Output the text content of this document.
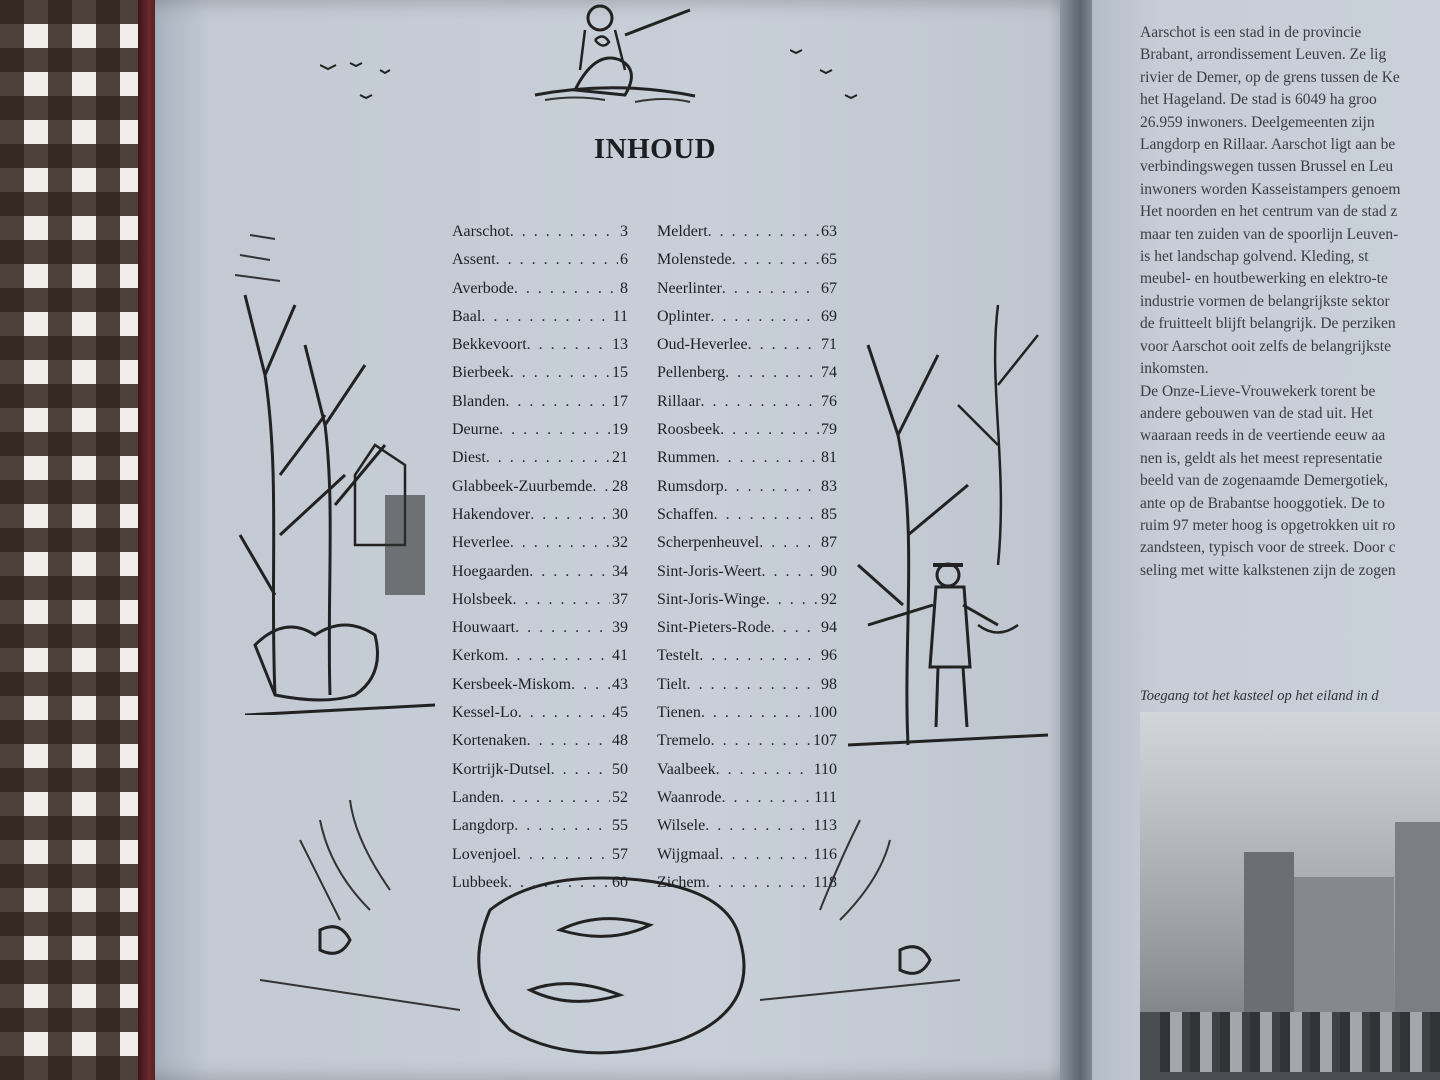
INHOUD
Aarschot . . .	3
Assent . . .	6
Averbode . . .	8
Baal . . .	11
Bekkevoort . . .	13
Bierbeek . . .	15
Blanden . . .	17
Deurne . . .	19
Diest . . .	21
Glabbeek-Zuurbemde . . . 28
Hakendover . . .	30
Heverlee . . .	32
Hoegaarden . . .	34
Holsbeek . . .	37
Houwaart . . .	39
Kerkom . . .	41
Kersbeek-Miskom . . .	43
Kessel-Lo . . .	45
Kortenaken . . .	48
Kortrijk-Dutsel . . .	50
Landen . . .	52
Langdorp . . .	55
Lovenjoel . . .	57
Lubbeek . . .	60
Meldert . . .	63
Molenstede . . .	65
Neerlinter . . .	67
Oplinter . . .	69
Oud-Heverlee . . .	71
Pellenberg . . .	74
Rillaar . . .	76
Roosbeek . . .	79
Rummen . . .	81
Rumsdorp . . .	83
Schaffen . . .	85
Scherpenheuvel . . .	87
Sint-Joris-Weert . . .	90
Sint-Joris-Winge . . .	92
Sint-Pieters-Rode . . .	94
Testelt . . .	96
Tielt . . .	98
Tienen . . .	100
Tremelo . . .	107
Vaalbeek . . .	110
Waanrode . . .	111
Wilsele . . .	113
Wijgmaal . . .	116
Zichem . . .	118
Aarschot is een stad in de provincie
Brabant, arrondissement Leuven. Ze lig
rivier de Demer, op de grens tussen de Ke
het Hageland. De stad is 6049 ha groo
26.959 inwoners. Deelgemeenten zijn
Langdorp en Rillaar. Aarschot ligt aan be
verbindingswegen tussen Brussel en Leu
inwoners worden Kasseistampers genoem
Het noorden en het centrum van de stad z
maar ten zuiden van de spoorlijn Leuven-
is het landschap golvend. Kleding, st
meubel- en houtbewerking en elektro-te
industrie vormen de belangrijkste sektor
de fruitteelt blijft belangrijk. De perziken
voor Aarschot ooit zelfs de belangrijkste
inkomsten.
De Onze-Lieve-Vrouwekerk torent be
andere gebouwen van de stad uit. Het
waaraan reeds in de veertiende eeuw aa
nen is, geldt als het meest representatie
beeld van de zogenaamde Demergotiek,
ante op de Brabantse hooggotiek. De to
ruim 97 meter hoog is opgetrokken uit ro
zandsteen, typisch voor de streek. Door c
seling met witte kalkstenen zijn de zogen
Toegang tot het kasteel op het eiland in d
